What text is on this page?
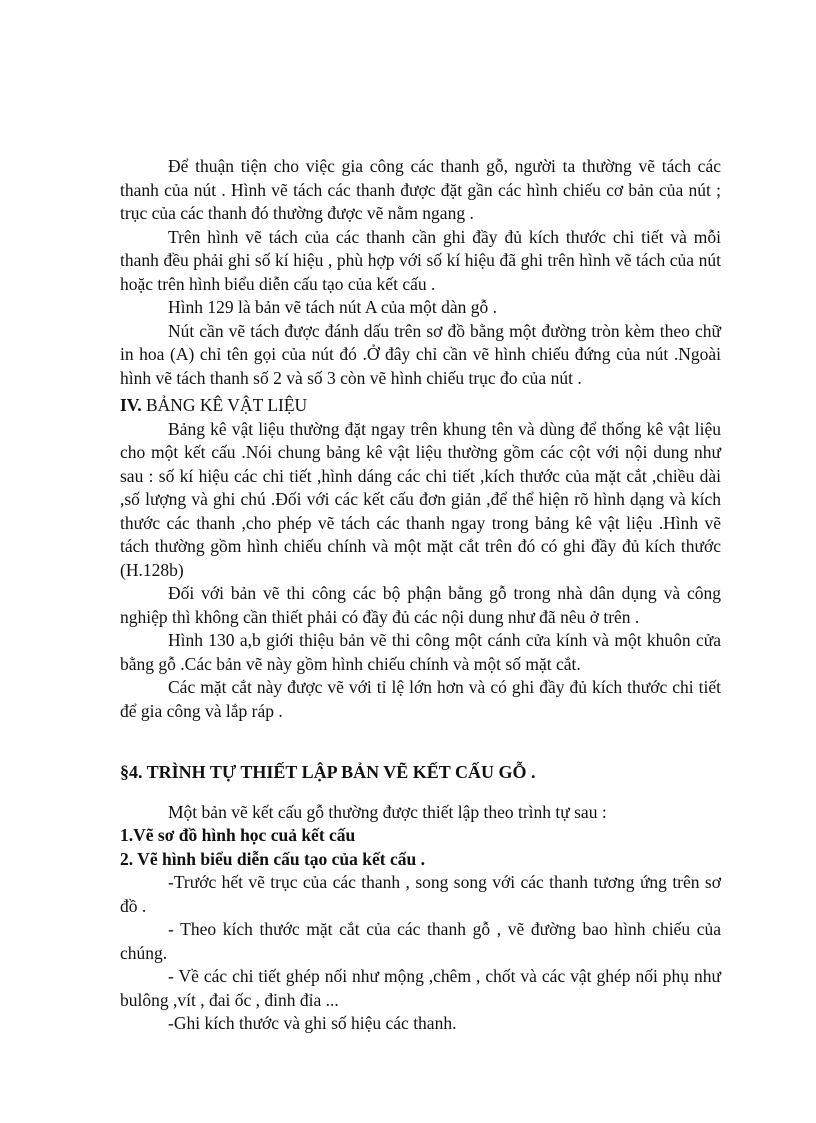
Để thuận tiện cho việc gia công các thanh gỗ, người ta thường vẽ tách các thanh của nút . Hình vẽ tách các thanh được đặt gần các hình chiếu cơ bản của nút ; trục của các thanh đó thường được vẽ nằm ngang .

Trên hình vẽ tách của các thanh cần ghi đầy đủ kích thước chi tiết và mỗi thanh đều phải ghi số kí hiệu , phù hợp với số kí hiệu đã ghi trên hình vẽ tách của nút hoặc trên hình biểu diễn cấu tạo của kết cấu .

Hình 129 là bản vẽ tách nút A của một dàn gỗ .

Nút cần vẽ tách được đánh dấu trên sơ đồ bằng một đường tròn kèm theo chữ in hoa (A) chỉ tên gọi của nút đó .Ở đây chỉ cần vẽ hình chiếu đứng của nút .Ngoài hình vẽ tách thanh số 2 và số 3 còn vẽ hình chiếu trục đo của nút .

IV. BẢNG KÊ VẬT LIỆU

Bảng kê vật liệu thường đặt ngay trên khung tên và dùng để thống kê vật liệu cho một kết cấu .Nói chung bảng kê vật liệu thường gồm các cột với nội dung như sau : số kí hiệu các chi tiết ,hình dáng các chi tiết ,kích thước của mặt cắt ,chiều dài ,số lượng và ghi chú .Đối với các kết cấu đơn giản ,để thể hiện rõ hình dạng và kích thước các thanh ,cho phép vẽ tách các thanh ngay trong bảng kê vật liệu .Hình vẽ tách thường gồm hình chiếu chính và một mặt cắt trên đó có ghi đầy đủ kích thước (H.128b)

Đối với bản vẽ thi công các bộ phận bằng gỗ trong nhà dân dụng và công nghiệp thì không cần thiết phải có đầy đủ các nội dung như đã nêu ở trên .

Hình 130 a,b giới thiệu bản vẽ thi công một cánh cửa kính và một khuôn cửa bằng gỗ .Các bản vẽ này gồm hình chiếu chính và một số mặt cắt.

Các mặt cắt này được vẽ với tỉ lệ lớn hơn và có ghi đầy đủ kích thước chi tiết để gia công và lắp ráp .

§4. TRÌNH TỰ THIẾT LẬP BẢN VẼ KẾT CẤU GỖ .

Một bản vẽ kết cấu gỗ thường được thiết lập theo trình tự sau :

1.Vẽ sơ đồ hình học cuả kết cấu

2. Vẽ hình biểu diễn cấu tạo của kết cấu .

-Trước hết vẽ trục của các thanh , song song với các thanh tương ứng trên sơ đồ .

- Theo kích thước mặt cắt của các thanh gỗ , vẽ đường bao hình chiếu của chúng.

- Về các chi tiết ghép nối như mộng ,chêm , chốt và các vật ghép nối phụ như bulông ,vít , đai ốc , đinh đỉa ...

-Ghi kích thước và ghi số hiệu các thanh.
